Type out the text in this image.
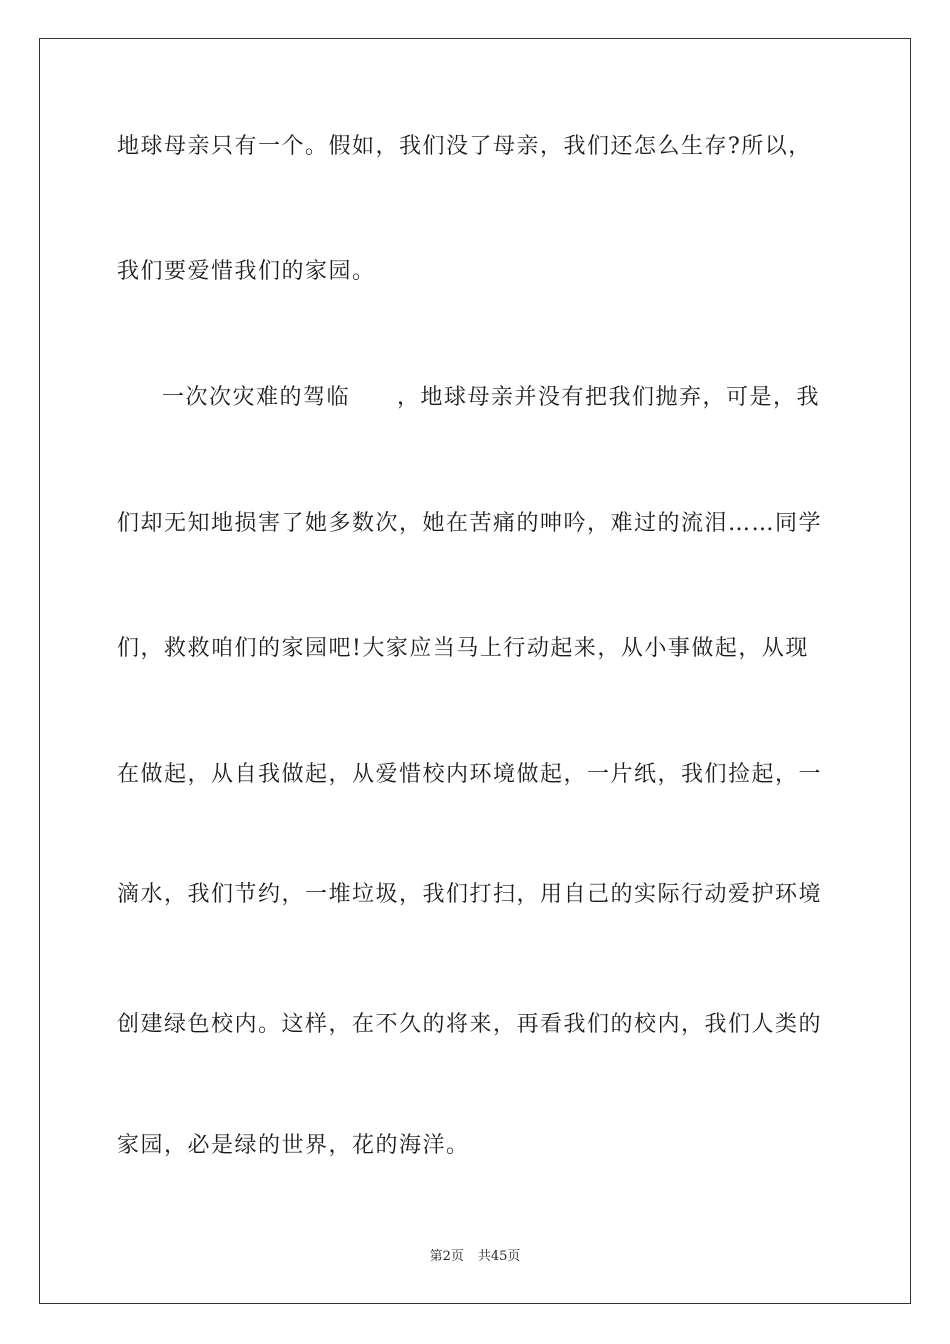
地球母亲只有一个。假如，我们没了母亲，我们还怎么生存?所以，
我们要爱惜我们的家园。
一次次灾难的驾临　　，地球母亲并没有把我们抛弃，可是，我
们却无知地损害了她多数次，她在苦痛的呻吟，难过的流泪……同学
们，救救咱们的家园吧!大家应当马上行动起来，从小事做起，从现
在做起，从自我做起，从爱惜校内环境做起，一片纸，我们捡起，一
滴水，我们节约，一堆垃圾，我们打扫，用自己的实际行动爱护环境
创建绿色校内。这样，在不久的将来，再看我们的校内，我们人类的
家园，必是绿的世界，花的海洋。
第2页 共45页
